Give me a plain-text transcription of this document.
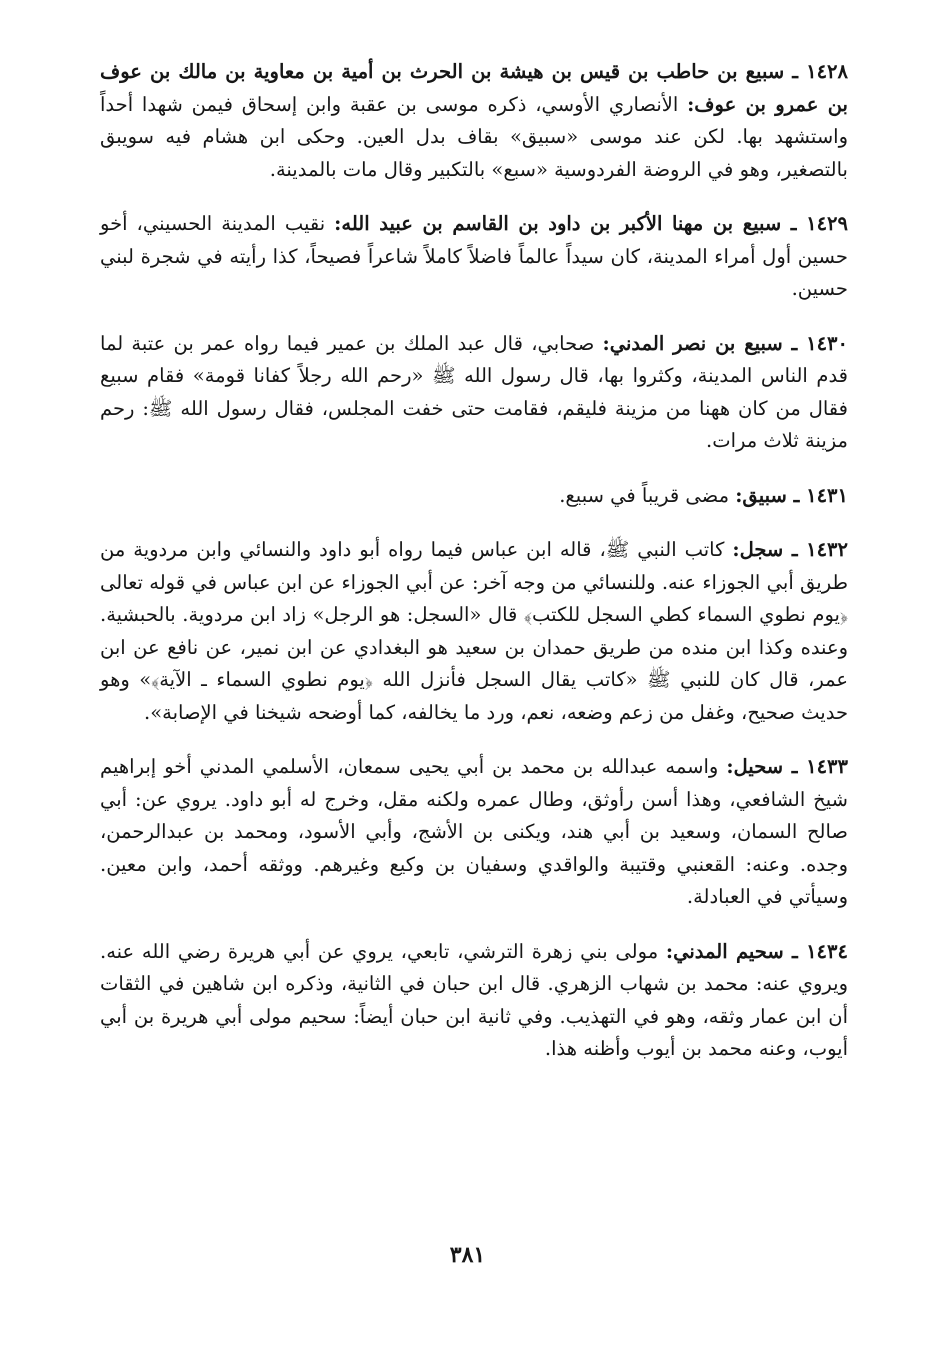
١٤٢٨ ـ سبيع بن حاطب بن قيس بن هيشة بن الحرث بن أمية بن معاوية بن مالك بن عوف بن عمرو بن عوف: الأنصاري الأوسي، ذكره موسى بن عقبة وابن إسحاق فيمن شهدا أحداً واستشهد بها. لكن عند موسى «سبيق» بقاف بدل العين. وحكى ابن هشام فيه سويبق بالتصغير، وهو في الروضة الفردوسية «سبع» بالتكبير وقال مات بالمدينة.

١٤٢٩ ـ سبيع بن مهنا الأكبر بن داود بن القاسم بن عبيد الله: نقيب المدينة الحسيني، أخو حسين أول أمراء المدينة، كان سيداً عالماً فاضلاً كاملاً شاعراً فصيحاً، كذا رأيته في شجرة لبني حسين.

١٤٣٠ ـ سبيع بن نصر المدني: صحابي، قال عبد الملك بن عمير فيما رواه عمر بن عتبة لما قدم الناس المدينة، وكثروا بها، قال رسول الله ﷺ «رحم الله رجلاً كفانا قومة» فقام سبيع فقال من كان ههنا من مزينة فليقم، فقامت حتى خفت المجلس، فقال رسول الله ﷺ: رحم مزينة ثلاث مرات.

١٤٣١ ـ سبيق: مضى قريباً في سبيع.

١٤٣٢ ـ سجل: كاتب النبي ﷺ، قاله ابن عباس فيما رواه أبو داود والنسائي وابن مردوية من طريق أبي الجوزاء عنه. وللنسائي من وجه آخر: عن أبي الجوزاء عن ابن عباس في قوله تعالى ﴿يوم نطوي السماء كطي السجل للكتب﴾ قال «السجل: هو الرجل» زاد ابن مردوية. بالحبشية. وعنده وكذا ابن منده من طريق حمدان بن سعيد هو البغدادي عن ابن نمير، عن نافع عن ابن عمر، قال كان للنبي ﷺ «كاتب يقال السجل فأنزل الله ﴿يوم نطوي السماء ـ الآية﴾» وهو حديث صحيح، وغفل من زعم وضعه، نعم، ورد ما يخالفه، كما أوضحه شيخنا في الإصابة».

١٤٣٣ ـ سحيل: واسمه عبدالله بن محمد بن أبي يحيى سمعان، الأسلمي المدني أخو إبراهيم شيخ الشافعي، وهذا أسن رأوثق، وطال عمره ولكنه مقل، وخرج له أبو داود. يروي عن: أبي صالح السمان، وسعيد بن أبي هند، ويكنى بن الأشج، وأبي الأسود، ومحمد بن عبدالرحمن، وجده. وعنه: القعنبي وقتيبة والواقدي وسفيان بن وكيع وغيرهم. ووثقه أحمد، وابن معين. وسيأتي في العبادلة.

١٤٣٤ ـ سحيم المدني: مولى بني زهرة الترشي، تابعي، يروي عن أبي هريرة رضي الله عنه. ويروي عنه: محمد بن شهاب الزهري. قال ابن حبان في الثانية، وذكره ابن شاهين في الثقات أن ابن عمار وثقه، وهو في التهذيب. وفي ثانية ابن حبان أيضاً: سحيم مولى أبي هريرة بن أبي أيوب، وعنه محمد بن أيوب وأظنه هذا.

٣٨١
